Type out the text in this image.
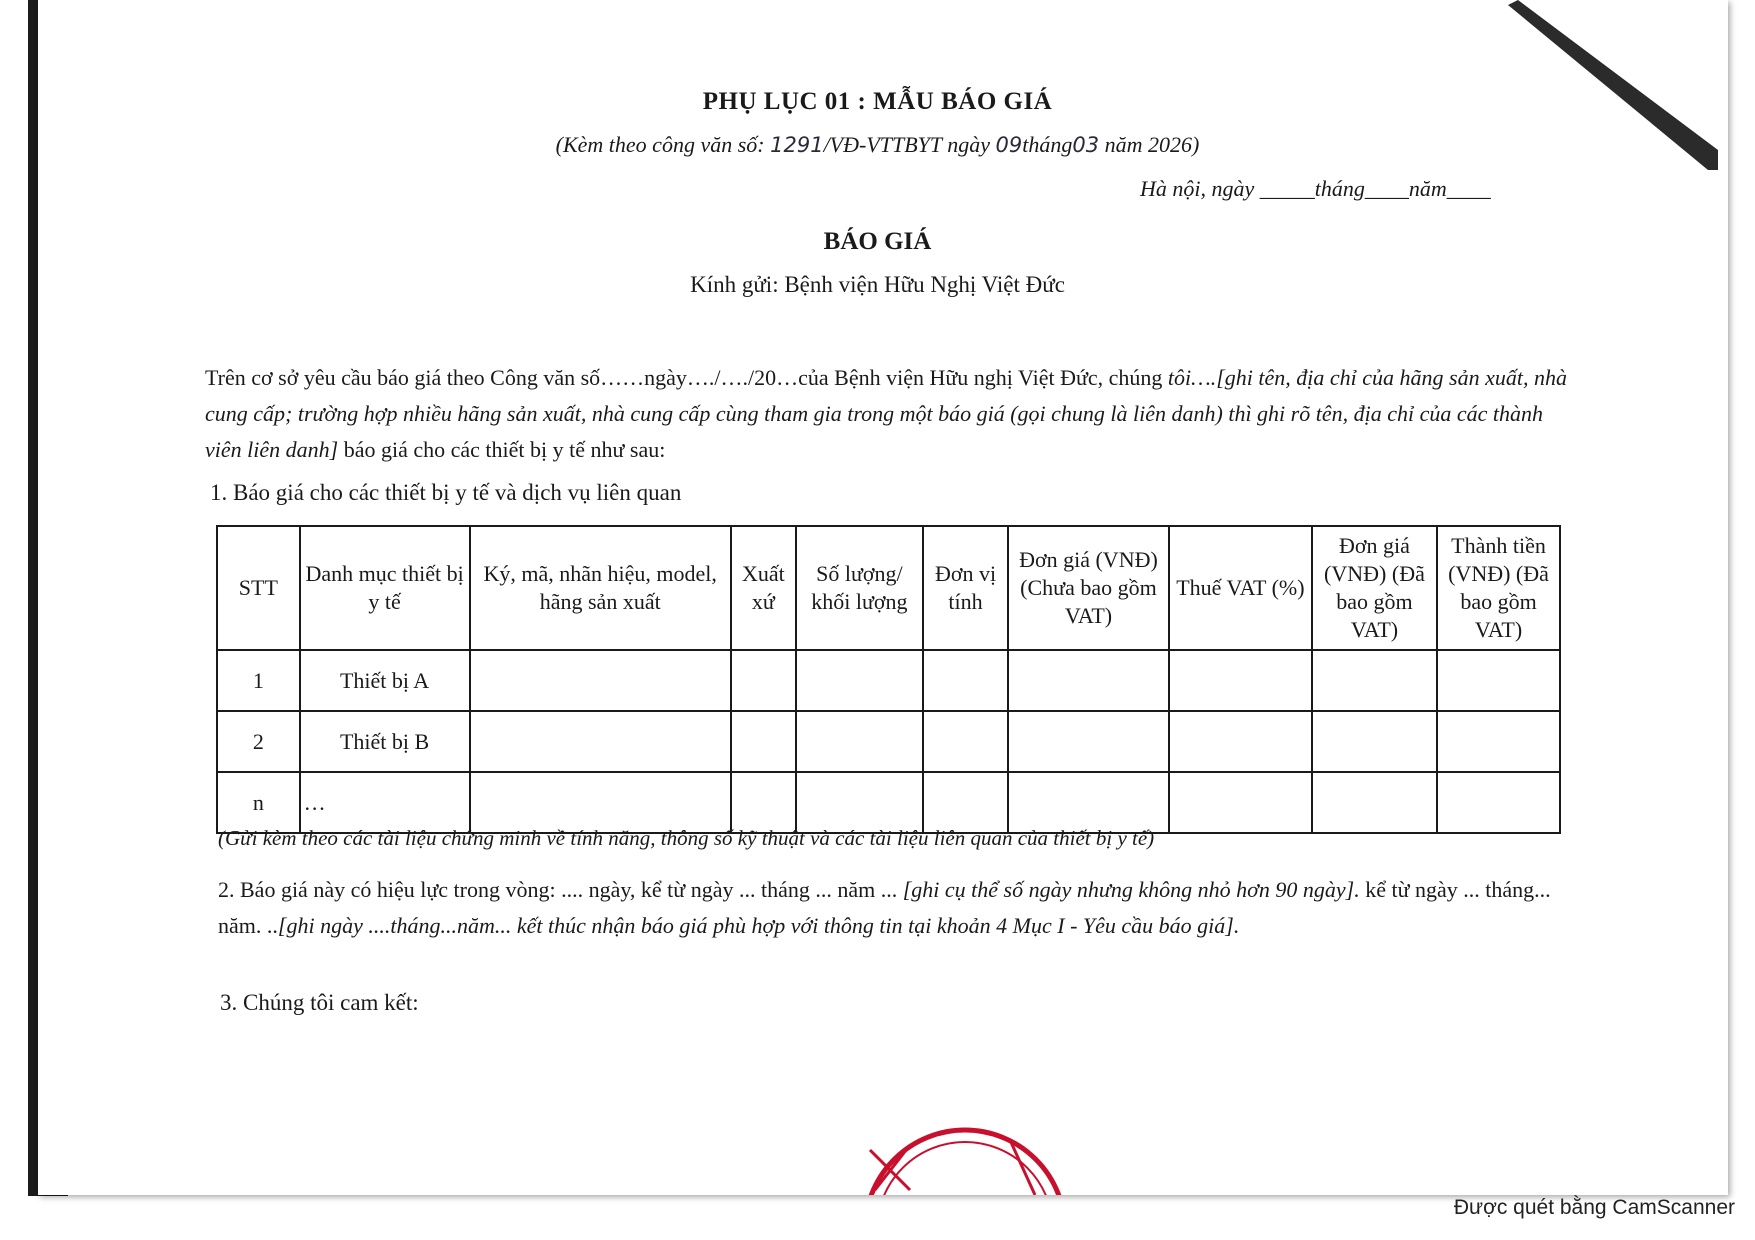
PHỤ LỤC 01 : MẪU BÁO GIÁ
(Kèm theo công văn số: 1291/VĐ-VTTBYT ngày 09tháng03 năm 2026)
Hà nội, ngày _____tháng____năm____
BÁO GIÁ
Kính gửi: Bệnh viện Hữu Nghị Việt Đức
Trên cơ sở yêu cầu báo giá theo Công văn số……ngày…./…./20…của Bệnh viện Hữu nghị Việt Đức, chúng tôi….[ghi tên, địa chỉ của hãng sản xuất, nhà cung cấp; trường hợp nhiều hãng sản xuất, nhà cung cấp cùng tham gia trong một báo giá (gọi chung là liên danh) thì ghi rõ tên, địa chỉ của các thành viên liên danh] báo giá cho các thiết bị y tế như sau:
1. Báo giá cho các thiết bị y tế và dịch vụ liên quan
STT	Danh mục thiết bị y tế	Ký, mã, nhãn hiệu, model, hãng sản xuất	Xuất xứ	Số lượng/ khối lượng	Đơn vị tính	Đơn giá (VNĐ) (Chưa bao gồm VAT)	Thuế VAT (%)	Đơn giá (VNĐ) (Đã bao gồm VAT)	Thành tiền (VNĐ) (Đã bao gồm VAT)
1	Thiết bị A								
2	Thiết bị B								
n	…								
(Gửi kèm theo các tài liệu chứng minh về tính năng, thông số kỹ thuật và các tài liệu liên quan của thiết bị y tế)
2. Báo giá này có hiệu lực trong vòng: .... ngày, kể từ ngày ... tháng ... năm ... [ghi cụ thể số ngày nhưng không nhỏ hơn 90 ngày]. kể từ ngày ... tháng... năm. ..[ghi ngày ....tháng...năm... kết thúc nhận báo giá phù hợp với thông tin tại khoản 4 Mục I - Yêu cầu báo giá].
3. Chúng tôi cam kết:
Được quét bằng CamScanner
